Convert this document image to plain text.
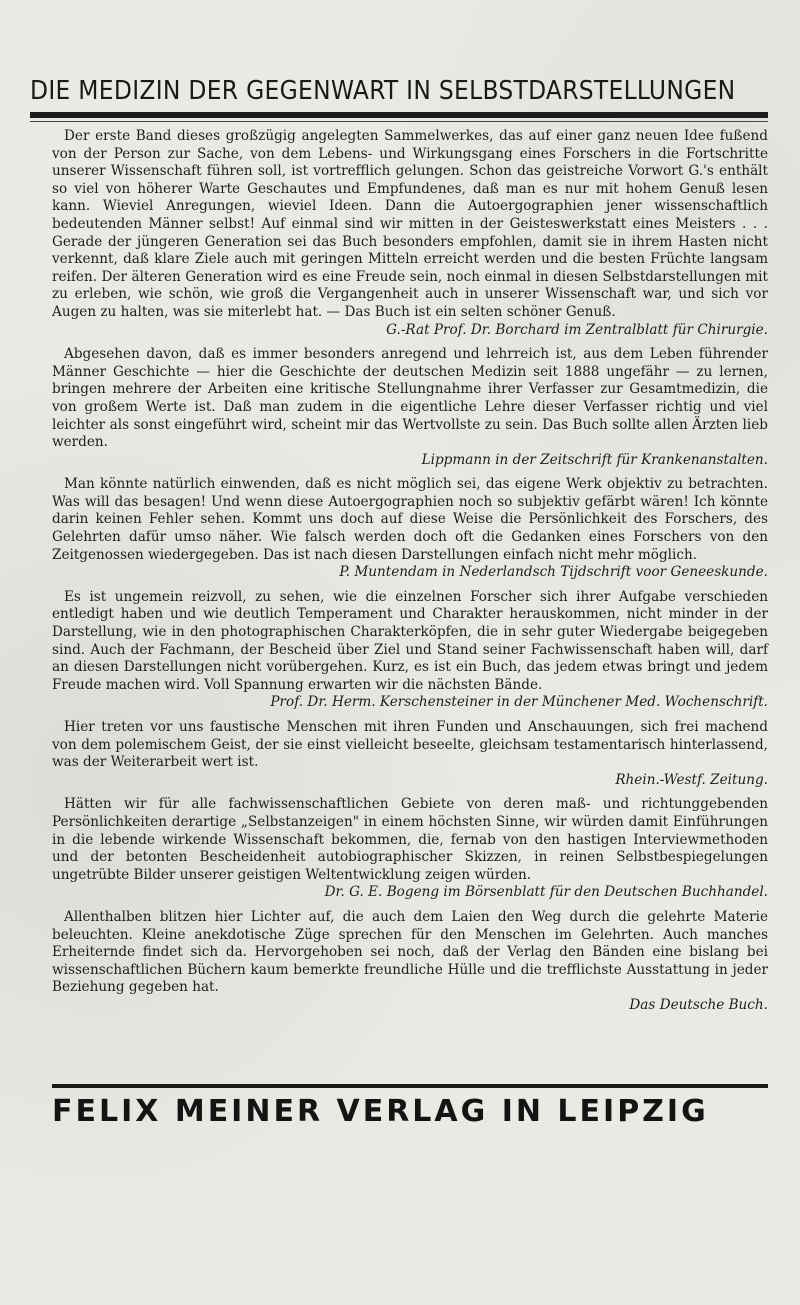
DIE MEDIZIN DER GEGENWART IN SELBSTDARSTELLUNGEN

Der erste Band dieses großzügig angelegten Sammelwerkes, das auf einer ganz neuen Idee fußend von der Person zur Sache, von dem Lebens- und Wirkungsgang eines Forschers in die Fortschritte unserer Wissenschaft führen soll, ist vortrefflich gelungen. Schon das geistreiche Vorwort G.'s enthält so viel von höherer Warte Geschautes und Empfundenes, daß man es nur mit hohem Genuß lesen kann. Wieviel Anregungen, wieviel Ideen. Dann die Autoergographien jener wissenschaftlich bedeutenden Männer selbst! Auf einmal sind wir mitten in der Geisteswerkstatt eines Meisters . . . Gerade der jüngeren Generation sei das Buch besonders empfohlen, damit sie in ihrem Hasten nicht verkennt, daß klare Ziele auch mit geringen Mitteln erreicht werden und die besten Früchte langsam reifen. Der älteren Generation wird es eine Freude sein, noch einmal in diesen Selbstdarstellungen mit zu erleben, wie schön, wie groß die Vergangenheit auch in unserer Wissenschaft war, und sich vor Augen zu halten, was sie miterlebt hat. — Das Buch ist ein selten schöner Genuß.
G.-Rat Prof. Dr. Borchard im Zentralblatt für Chirurgie.

Abgesehen davon, daß es immer besonders anregend und lehrreich ist, aus dem Leben führender Männer Geschichte — hier die Geschichte der deutschen Medizin seit 1888 ungefähr — zu lernen, bringen mehrere der Arbeiten eine kritische Stellungnahme ihrer Verfasser zur Gesamtmedizin, die von großem Werte ist. Daß man zudem in die eigentliche Lehre dieser Verfasser richtig und viel leichter als sonst eingeführt wird, scheint mir das Wertvollste zu sein. Das Buch sollte allen Ärzten lieb werden.
Lippmann in der Zeitschrift für Krankenanstalten.

Man könnte natürlich einwenden, daß es nicht möglich sei, das eigene Werk objektiv zu betrachten. Was will das besagen! Und wenn diese Autoergographien noch so subjektiv gefärbt wären! Ich könnte darin keinen Fehler sehen. Kommt uns doch auf diese Weise die Persönlichkeit des Forschers, des Gelehrten dafür umso näher. Wie falsch werden doch oft die Gedanken eines Forschers von den Zeitgenossen wiedergegeben. Das ist nach diesen Darstellungen einfach nicht mehr möglich.
P. Muntendam in Nederlandsch Tijdschrift voor Geneeskunde.

Es ist ungemein reizvoll, zu sehen, wie die einzelnen Forscher sich ihrer Aufgabe verschieden entledigt haben und wie deutlich Temperament und Charakter herauskommen, nicht minder in der Darstellung, wie in den photographischen Charakterköpfen, die in sehr guter Wiedergabe beigegeben sind. Auch der Fachmann, der Bescheid über Ziel und Stand seiner Fachwissenschaft haben will, darf an diesen Darstellungen nicht vorübergehen. Kurz, es ist ein Buch, das jedem etwas bringt und jedem Freude machen wird. Voll Spannung erwarten wir die nächsten Bände.
Prof. Dr. Herm. Kerschensteiner in der Münchener Med. Wochenschrift.

Hier treten vor uns faustische Menschen mit ihren Funden und Anschauungen, sich frei machend von dem polemischem Geist, der sie einst vielleicht beseelte, gleichsam testamentarisch hinterlassend, was der Weiterarbeit wert ist.
Rhein.-Westf. Zeitung.

Hätten wir für alle fachwissenschaftlichen Gebiete von deren maß- und richtunggebenden Persönlichkeiten derartige „Selbstanzeigen" in einem höchsten Sinne, wir würden damit Einführungen in die lebende wirkende Wissenschaft bekommen, die, fernab von den hastigen Interviewmethoden und der betonten Bescheidenheit autobiographischer Skizzen, in reinen Selbstbespiegelungen ungetrübte Bilder unserer geistigen Weltentwicklung zeigen würden.
Dr. G. E. Bogeng im Börsenblatt für den Deutschen Buchhandel.

Allenthalben blitzen hier Lichter auf, die auch dem Laien den Weg durch die gelehrte Materie beleuchten. Kleine anekdotische Züge sprechen für den Menschen im Gelehrten. Auch manches Erheiternde findet sich da. Hervorgehoben sei noch, daß der Verlag den Bänden eine bislang bei wissenschaftlichen Büchern kaum bemerkte freundliche Hülle und die trefflichste Ausstattung in jeder Beziehung gegeben hat.
Das Deutsche Buch.

FELIX MEINER VERLAG IN LEIPZIG
